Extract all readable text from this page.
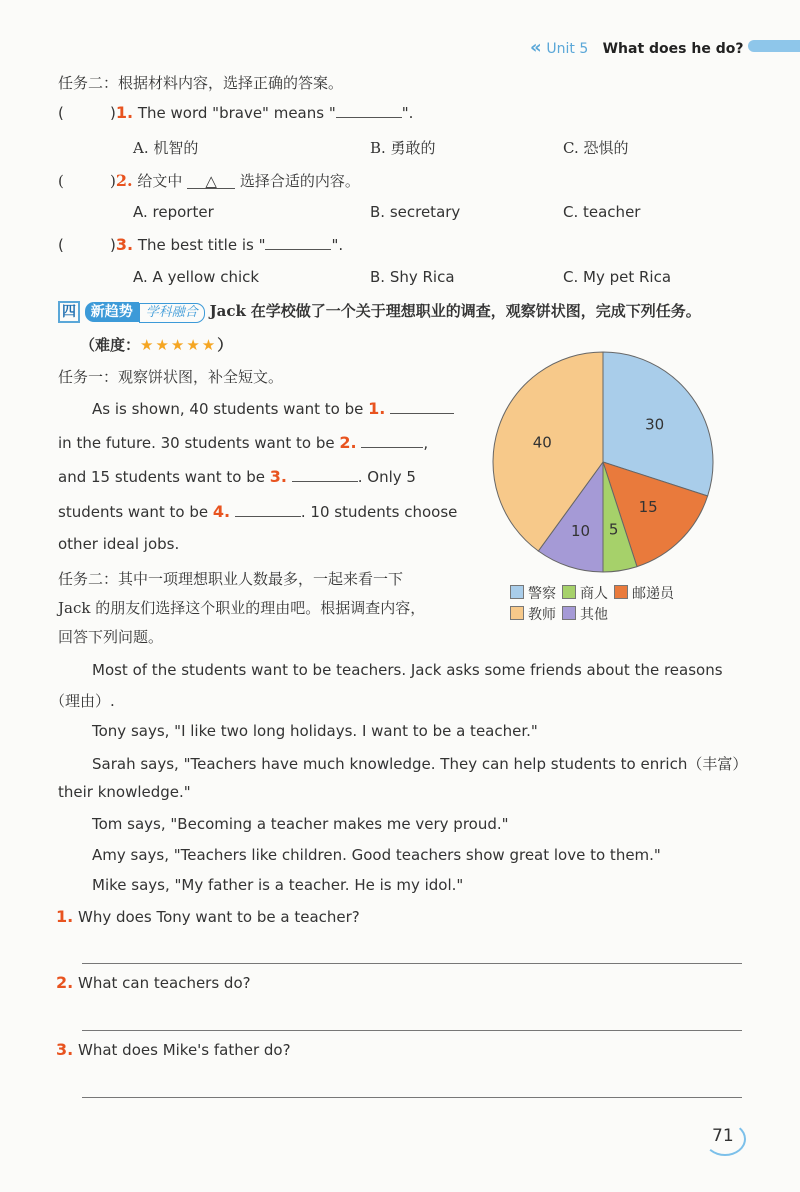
« Unit 5 What does he do?
任务二：根据材料内容，选择正确的答案。
(	)1. The word "brave" means "	".
A. 机智的	B. 勇敢的	C. 恐惧的
(	)2. 给文中 △ 选择合适的内容。
A. reporter	B. secretary	C. teacher
(	)3. The best title is "	".
A. A yellow chick	B. Shy Rica	C. My pet Rica
四 新趋势 学科融合 Jack 在学校做了一个关于理想职业的调查，观察饼状图，完成下列任务。
（难度：★★★★★）
任务一：观察饼状图，补全短文。
As is shown, 40 students want to be 1.
in the future. 30 students want to be 2.	,
and 15 students want to be 3.	. Only 5
students want to be 4.	. 10 students choose
other ideal jobs.
任务二：其中一项理想职业人数最多，一起来看一下
Jack 的朋友们选择这个职业的理由吧。根据调查内容，
回答下列问题。
30
15
5
10
40
警察 商人 邮递员
教师 其他
Most of the students want to be teachers. Jack asks some friends about the reasons
（理由）.
Tony says, "I like two long holidays. I want to be a teacher."
Sarah says, "Teachers have much knowledge. They can help students to enrich（丰富）
their knowledge."
Tom says, "Becoming a teacher makes me very proud."
Amy says, "Teachers like children. Good teachers show great love to them."
Mike says, "My father is a teacher. He is my idol."
1. Why does Tony want to be a teacher?
2. What can teachers do?
3. What does Mike's father do?
71
